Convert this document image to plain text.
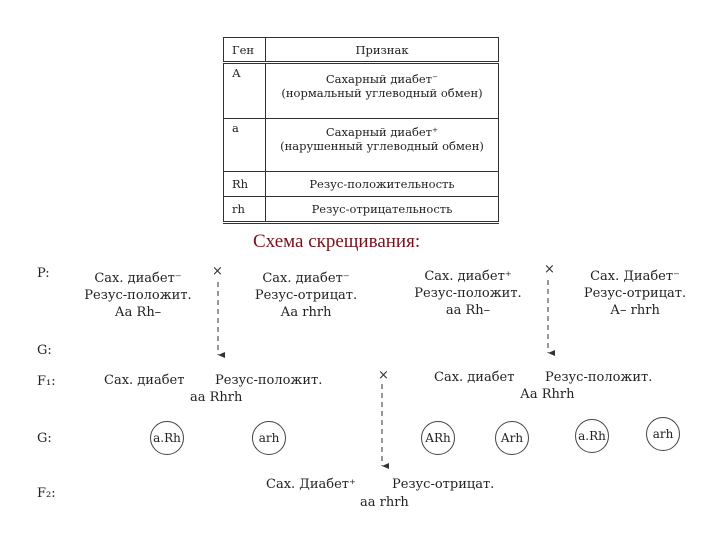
Ген	Признак
А	Сахарный диабет⁻
(нормальный углеводный обмен)

а	Сахарный диабет⁺
(нарушенный углеводный обмен)

Rh	Резус-положительность
rh	Резус-отрицательность
Схема скрещивания:
P:
G:
F₁:
G:
F₂:
Сах. диабет⁻
Резус-положит.
Аа Rh–
×	Сах. диабет⁻
Резус-отрицат.
Аа rhrh
Сах. диабет⁺
Резус-положит.
аа Rh–
×	Сах. Диабет⁻
Резус-отрицат.
А– rhrh
Сах. диабет Резус-положит.
аа Rhrh
×	Сах. диабет Резус-положит.
Аа Rhrh
a.Rh	arh	ARh	Arh	a.Rh	arh
Сах. Диабет⁺	Резус-отрицат.
аа rhrh
